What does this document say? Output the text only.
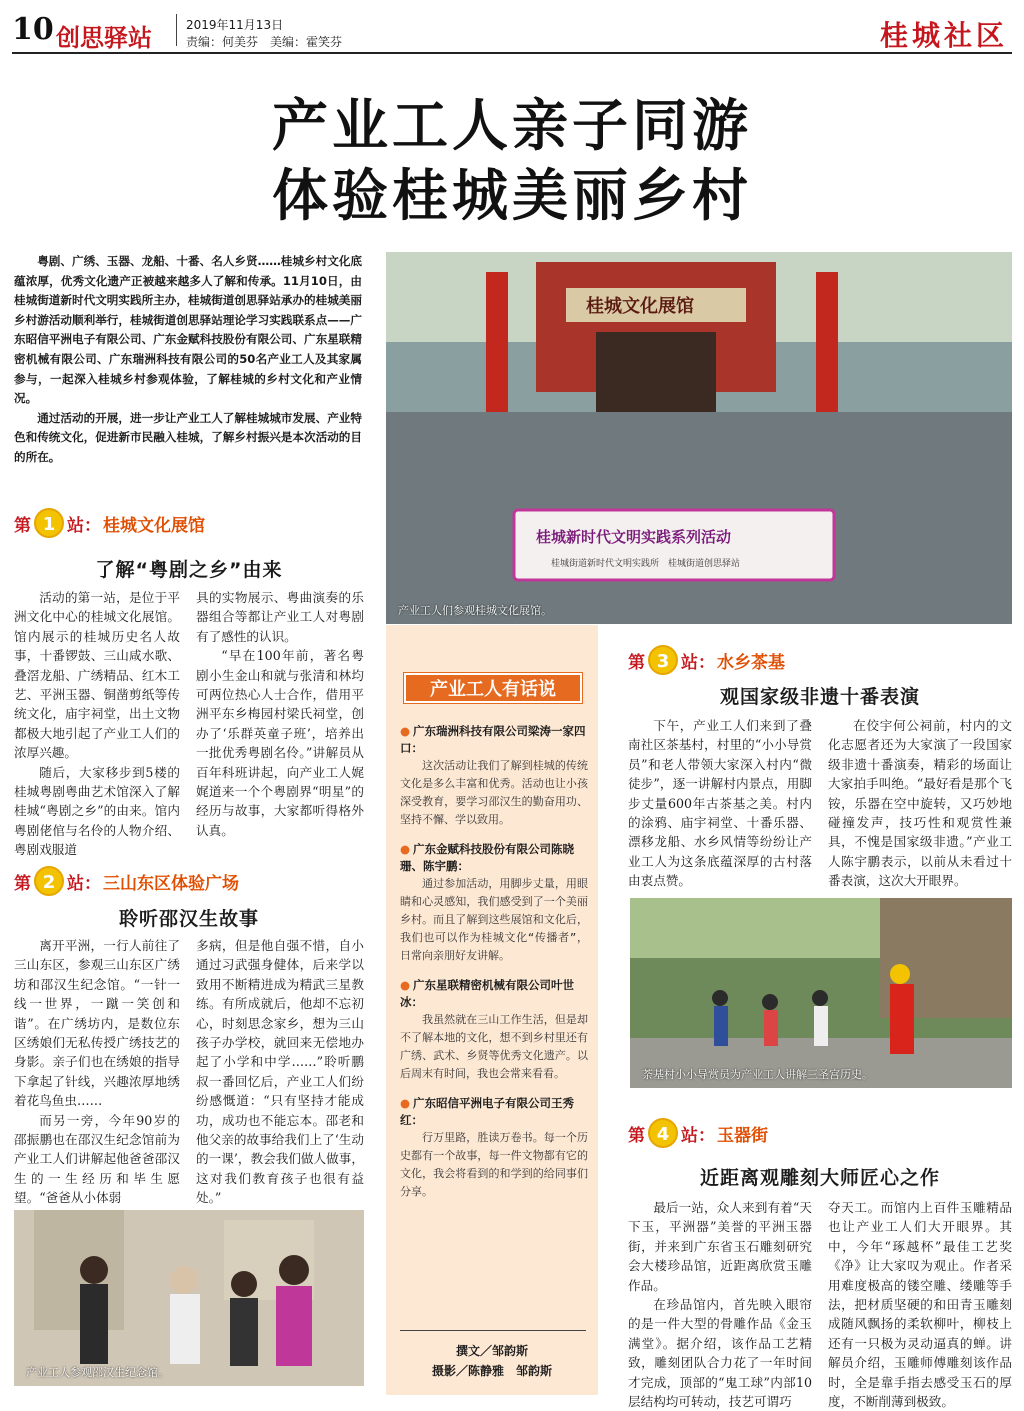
10 创思驿站	2019年11月13日
责编：何美芬　美编：霍笑芬	桂城社区
产业工人亲子同游
体验桂城美丽乡村

粤剧、广绣、玉器、龙船、十番、名人乡贤……桂城乡村文化底蕴浓厚，优秀文化遗产正被越来越多人了解和传承。11月10日，由桂城街道新时代文明实践所主办，桂城街道创思驿站承办的桂城美丽乡村游活动顺利举行，桂城街道创思驿站理论学习实践联系点——广东昭信平洲电子有限公司、广东金赋科技股份有限公司、广东星联精密机械有限公司、广东瑞洲科技有限公司的50名产业工人及其家属参与，一起深入桂城乡村参观体验，了解桂城的乡村文化和产业情况。

通过活动的开展，进一步让产业工人了解桂城城市发展、产业特色和传统文化，促进新市民融入桂城，了解乡村振兴是本次活动的目的所在。

桂城新时代文明实践系列活动
桂城街道新时代文明实践所　桂城街道创思驿站
桂城文化展馆
产业工人们参观桂城文化展馆。
第 1 站： 桂城文化展馆
了解“粤剧之乡”由来

活动的第一站，是位于平洲文化中心的桂城文化展馆。馆内展示的桂城历史名人故事，十番锣鼓、三山咸水歌、叠滘龙船、广绣精品、红木工艺、平洲玉器、铜凿剪纸等传统文化，庙宇祠堂，出土文物都极大地引起了产业工人们的浓厚兴趣。

随后，大家移步到5楼的桂城粤剧粤曲艺术馆深入了解桂城“粤剧之乡”的由来。馆内粤剧佬倌与名伶的人物介绍、粤剧戏服道

具的实物展示、粤曲演奏的乐器组合等都让产业工人对粤剧有了感性的认识。

“早在100年前，著名粤剧小生金山和就与张清和林均可两位热心人士合作，借用平洲平东乡梅园村梁氏祠堂，创办了‘乐群英童子班’，培养出一批优秀粤剧名伶。”讲解员从百年科班讲起，向产业工人娓娓道来一个个粤剧界“明星”的经历与故事，大家都听得格外认真。

第 2 站： 三山东区体验广场
聆听邵汉生故事

离开平洲，一行人前往了三山东区，参观三山东区广绣坊和邵汉生纪念馆。“一针一线一世界，一蹴一笑创和谐”。在广绣坊内，是数位东区绣娘们无私传授广绣技艺的身影。亲子们也在绣娘的指导下拿起了针线，兴趣浓厚地绣着花鸟鱼虫……

而另一旁，今年90岁的邵振鹏也在邵汉生纪念馆前为产业工人们讲解起他爸爸邵汉生的一生经历和毕生愿望。“爸爸从小体弱

多病，但是他自强不惜，自小通过习武强身健体，后来学以致用不断精进成为精武三星教练。有所成就后，他却不忘初心，时刻思念家乡，想为三山孩子办学校，就回来无偿地办起了小学和中学……”聆听鹏叔一番回忆后，产业工人们纷纷感慨道：“只有坚持才能成功，成功也不能忘本。邵老和他父亲的故事给我们上了‘生动的一课’，教会我们做人做事，这对我们教育孩子也很有益处。”

产业工人参观邵汉生纪念馆。
产业工人有话说
● 广东瑞洲科技有限公司梁涛一家四口：
这次活动让我们了解到桂城的传统文化是多么丰富和优秀。活动也让小孩深受教育，要学习邵汉生的勤奋用功、坚持不懈、学以致用。
● 广东金赋科技股份有限公司陈晓珊、陈宇鹏：
通过参加活动，用脚步丈量，用眼睛和心灵感知，我们感受到了一个美丽乡村。而且了解到这些展馆和文化后，我们也可以作为桂城文化“传播者”，日常向亲朋好友讲解。
● 广东星联精密机械有限公司叶世冰：
我虽然就在三山工作生活，但是却不了解本地的文化，想不到乡村里还有广绣、武术、乡贤等优秀文化遗产。以后周末有时间，我也会常来看看。
● 广东昭信平洲电子有限公司王秀红：
行万里路，胜读万卷书。每一个历史都有一个故事，每一件文物都有它的文化，我会将看到的和学到的给同事们分享。
撰文／邹韵斯
摄影／陈静雅　邹韵斯
第 3 站： 水乡茶基
观国家级非遗十番表演

下午，产业工人们来到了叠南社区茶基村，村里的“小小导赏员”和老人带领大家深入村内“微徒步”，逐一讲解村内景点，用脚步丈量600年古茶基之美。村内的涂鸦、庙宇祠堂、十番乐器、漂移龙船、水乡风情等纷纷让产业工人为这条底蕴深厚的古村落由衷点赞。

在佼宇何公祠前，村内的文化志愿者还为大家演了一段国家级非遗十番演奏，精彩的场面让大家拍手叫绝。“最好看是那个飞铵，乐器在空中旋转，又巧妙地碰撞发声，技巧性和观赏性兼具，不愧是国家级非遗。”产业工人陈宇鹏表示，以前从未看过十番表演，这次大开眼界。

荼基村小小导赏员为产业工人讲解三圣宫历史。
第 4 站： 玉器街
近距离观雕刻大师匠心之作

最后一站，众人来到有着“天下玉，平洲器”美誉的平洲玉器街，并来到广东省玉石雕刻研究会大楼珍品馆，近距离欣赏玉雕作品。

在珍品馆内，首先映入眼帘的是一件大型的骨雕作品《金玉满堂》。据介绍，该作品工艺精致，雕刻团队合力花了一年时间才完成，顶部的“鬼工球”内部10层结构均可转动，技艺可谓巧

夺天工。而馆内上百件玉雕精品也让产业工人们大开眼界。其中，今年“琢越杯”最佳工艺奖《净》让大家叹为观止。作者采用难度极高的镂空雕、缕雕等手法，把材质坚硬的和田青玉雕刻成随风飘扬的柔软柳叶，柳枝上还有一只极为灵动逼真的蝉。讲解员介绍，玉雕师傅雕刻该作品时，全是靠手指去感受玉石的厚度，不断削薄到极致。
